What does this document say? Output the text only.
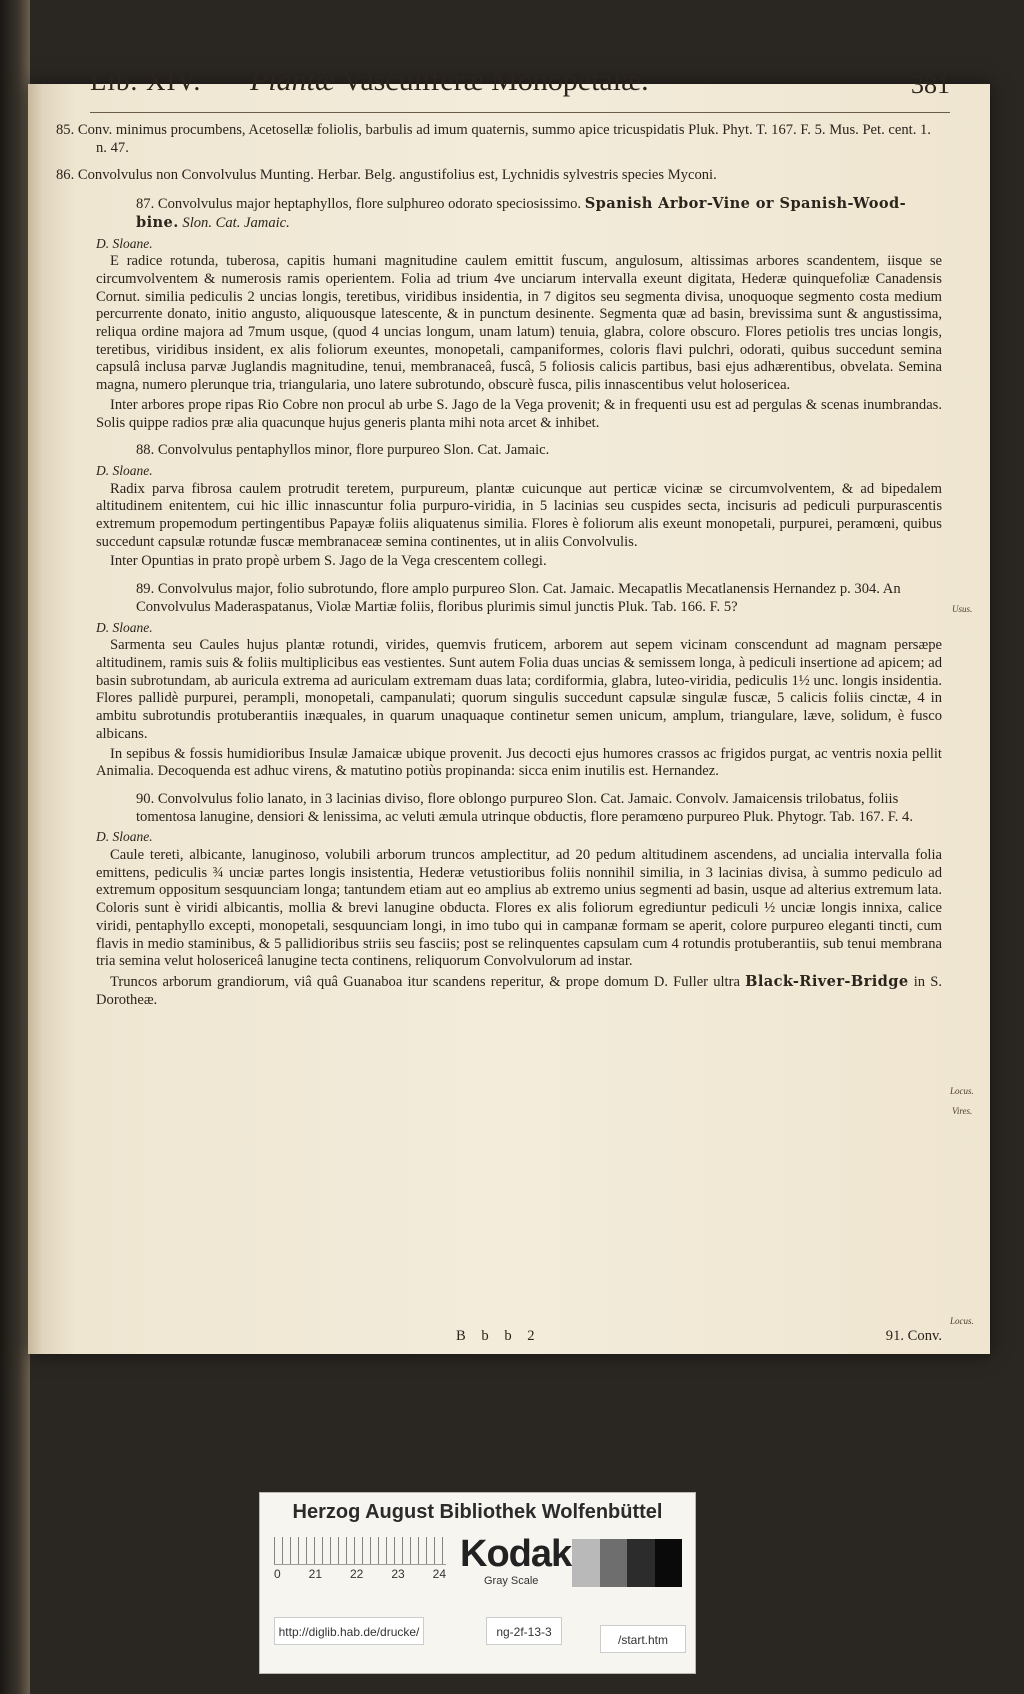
Lib. XIV. Plantæ Vasculiferæ Monopetalæ.	381
85. Conv. minimus procumbens, Acetosellæ foliolis, barbulis ad imum quaternis, summo apice tricuspidatis Pluk. Phyt. T. 167. F. 5. Mus. Pet. cent. 1. n. 47.
86. Convolvulus non Convolvulus Munting. Herbar. Belg. angustifolius est, Lychnidis sylvestris species Myconi.
87. Convolvulus major heptaphyllos, flore sulphureo odorato speciosissimo. Spanish Arbor-Vine or Spanish-Wood-bine. Slon. Cat. Jamaic.
D. Sloane.

E radice rotunda, tuberosa, capitis humani magnitudine caulem emittit fuscum, angulosum, altissimas arbores scandentem, iisque se circumvolventem & numerosis ramis operientem. Folia ad trium 4ve unciarum intervalla exeunt digitata, Hederæ quinquefoliæ Canadensis Cornut. similia pediculis 2 uncias longis, teretibus, viridibus insidentia, in 7 digitos seu segmenta divisa, unoquoque segmento costa medium percurrente donato, initio angusto, aliquousque latescente, & in punctum desinente. Segmenta quæ ad basin, brevissima sunt & angustissima, reliqua ordine majora ad 7mum usque, (quod 4 uncias longum, unam latum) tenuia, glabra, colore obscuro. Flores petiolis tres uncias longis, teretibus, viridibus insident, ex alis foliorum exeuntes, monopetali, campaniformes, coloris flavi pulchri, odorati, quibus succedunt semina capsulâ inclusa parvæ Juglandis magnitudine, tenui, membranaceâ, fuscâ, 5 foliosis calicis partibus, basi ejus adhærentibus, obvelata. Semina magna, numero plerunque tria, triangularia, uno latere subrotundo, obscurè fusca, pilis innascentibus velut holosericea.

Inter arbores prope ripas Rio Cobre non procul ab urbe S. Jago de la Vega provenit; & in frequenti usu est ad pergulas & scenas inumbrandas. Solis quippe radios præ alia quacunque hujus generis planta mihi nota arcet & inhibet.

88. Convolvulus pentaphyllos minor, flore purpureo Slon. Cat. Jamaic.
D. Sloane.

Radix parva fibrosa caulem protrudit teretem, purpureum, plantæ cuicunque aut perticæ vicinæ se circumvolventem, & ad bipedalem altitudinem enitentem, cui hic illic innascuntur folia purpuro-viridia, in 5 lacinias seu cuspides secta, incisuris ad pediculi purpurascentis extremum propemodum pertingentibus Papayæ foliis aliquatenus similia. Flores è foliorum alis exeunt monopetali, purpurei, peramœni, quibus succedunt capsulæ rotundæ fuscæ membranaceæ semina continentes, ut in aliis Convolvulis.

Inter Opuntias in prato propè urbem S. Jago de la Vega crescentem collegi.

89. Convolvulus major, folio subrotundo, flore amplo purpureo Slon. Cat. Jamaic. Mecapatlis Mecatlanensis Hernandez p. 304. An Convolvulus Maderaspatanus, Violæ Martiæ foliis, floribus plurimis simul junctis Pluk. Tab. 166. F. 5?
D. Sloane.

Sarmenta seu Caules hujus plantæ rotundi, virides, quemvis fruticem, arborem aut sepem vicinam conscendunt ad magnam persæpe altitudinem, ramis suis & foliis multiplicibus eas vestientes. Sunt autem Folia duas uncias & semissem longa, à pediculi insertione ad apicem; ad basin subrotundam, ab auricula extrema ad auriculam extremam duas lata; cordiformia, glabra, luteo-viridia, pediculis 1½ unc. longis insidentia. Flores pallidè purpurei, perampli, monopetali, campanulati; quorum singulis succedunt capsulæ singulæ fuscæ, 5 calicis foliis cinctæ, 4 in ambitu subrotundis protuberantiis inæquales, in quarum unaquaque continetur semen unicum, amplum, triangulare, læve, solidum, è fusco albicans.

In sepibus & fossis humidioribus Insulæ Jamaicæ ubique provenit. Jus decocti ejus humores crassos ac frigidos purgat, ac ventris noxia pellit Animalia. Decoquenda est adhuc virens, & matutino potiùs propinanda: sicca enim inutilis est. Hernandez.

90. Convolvulus folio lanato, in 3 lacinias diviso, flore oblongo purpureo Slon. Cat. Jamaic. Convolv. Jamaicensis trilobatus, foliis tomentosa lanugine, densiori & lenissima, ac veluti æmula utrinque obductis, flore peramœno purpureo Pluk. Phytogr. Tab. 167. F. 4.
D. Sloane.

Caule tereti, albicante, lanuginoso, volubili arborum truncos amplectitur, ad 20 pedum altitudinem ascendens, ad uncialia intervalla folia emittens, pediculis ¾ unciæ partes longis insistentia, Hederæ vetustioribus foliis nonnihil similia, in 3 lacinias divisa, à summo pediculo ad extremum oppositum sesquunciam longa; tantundem etiam aut eo amplius ab extremo unius segmenti ad basin, usque ad alterius extremum lata. Coloris sunt è viridi albicantis, mollia & brevi lanugine obducta. Flores ex alis foliorum egrediuntur pediculi ½ unciæ longis innixa, calice viridi, pentaphyllo excepti, monopetali, sesquunciam longi, in imo tubo qui in campanæ formam se aperit, colore purpureo eleganti tincti, cum flavis in medio staminibus, & 5 pallidioribus striis seu fasciis; post se relinquentes capsulam cum 4 rotundis protuberantiis, sub tenui membrana tria semina velut holosericeâ lanugine tecta continens, reliquorum Convolvulorum ad instar.

Truncos arborum grandiorum, viâ quâ Guanaboa itur scandens reperitur, & prope domum D. Fuller ultra Black-River-Bridge in S. Dorotheæ.

Usus.
Locus.
Vires.
Locus.
B b b 2	91. Conv.
Herzog August Bibliothek Wolfenbüttel
0 21 22 23 24 Kodak
Gray Scale
http://diglib.hab.de/drucke/	ng-2f-13-3
/start.htm
